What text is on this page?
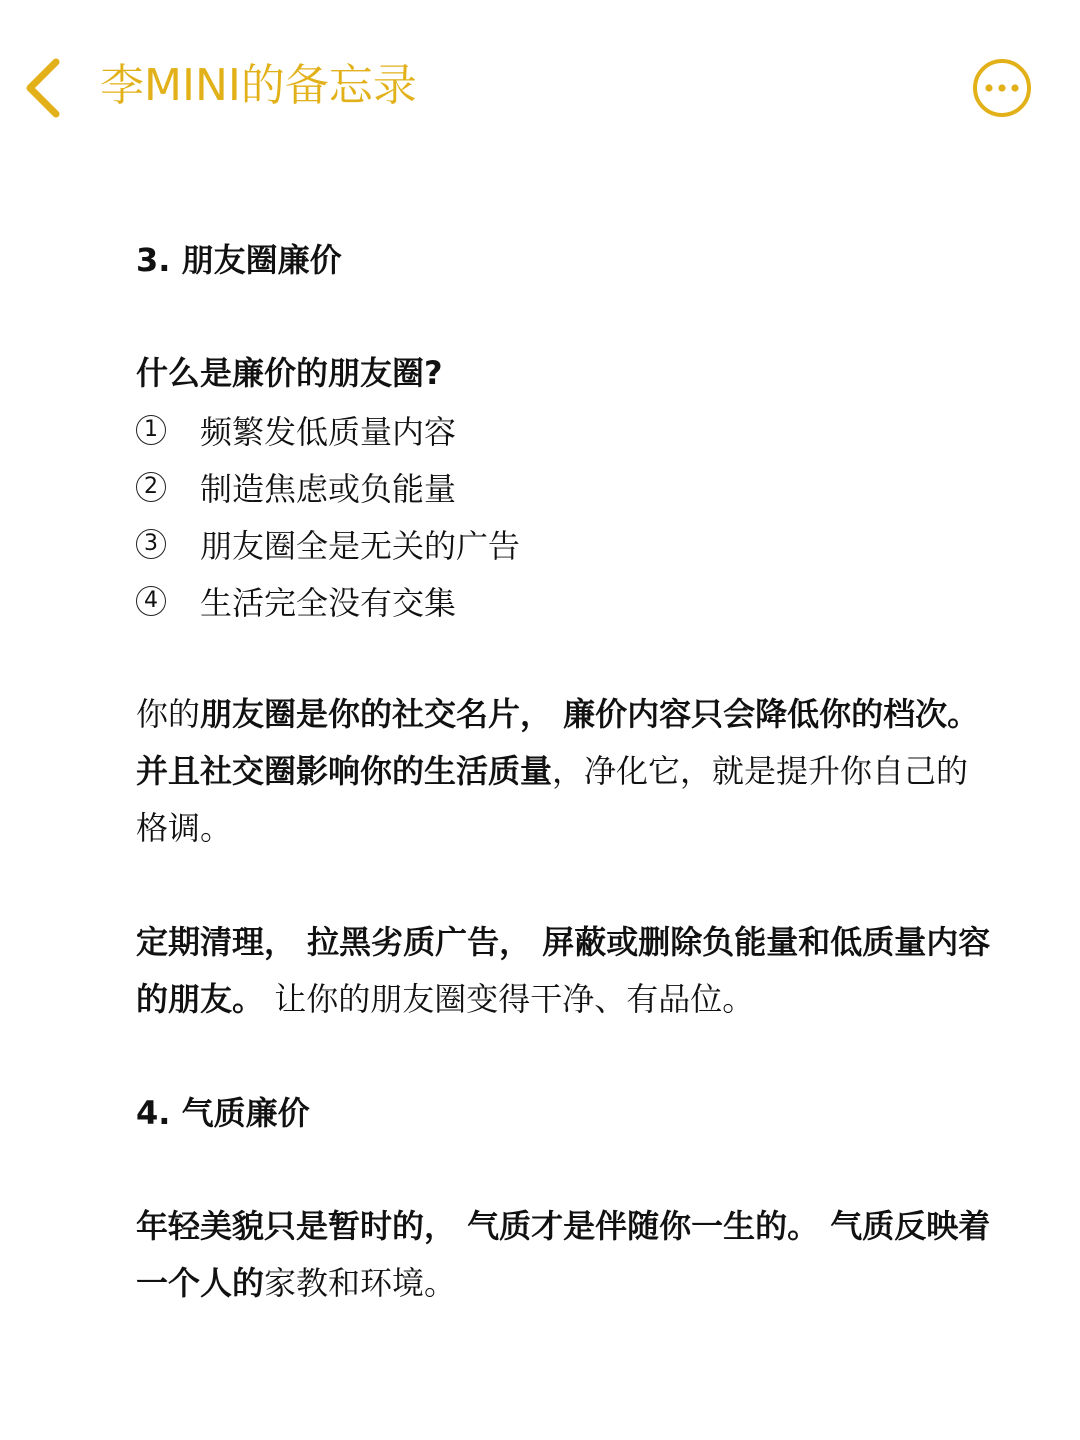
李MINI的备忘录

3. 朋友圈廉价

什么是廉价的朋友圈?

1 频繁发低质量内容
2 制造焦虑或负能量
3 朋友圈全是无关的广告
4 生活完全没有交集

你的朋友圈是你的社交名片， 廉价内容只会降低你的档次。 并且社交圈影响你的生活质量，净化它，就是提升你自己的格调。

定期清理， 拉黑劣质广告， 屏蔽或删除负能量和低质量内容的朋友。 让你的朋友圈变得干净、有品位。

4. 气质廉价

年轻美貌只是暂时的， 气质才是伴随你一生的。 气质反映着一个人的家教和环境。
